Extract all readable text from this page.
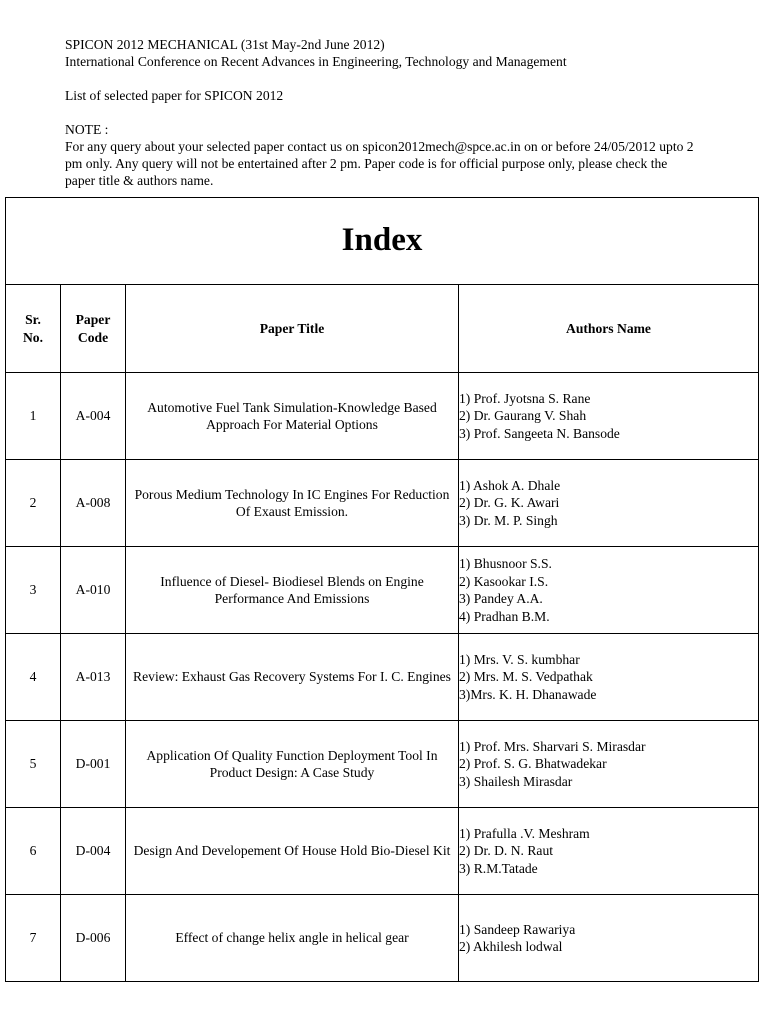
SPICON 2012 MECHANICAL (31st May-2nd June 2012)
International Conference on Recent Advances in Engineering, Technology and Management
List of selected paper for SPICON 2012
NOTE :
For any query about your selected paper contact us on spicon2012mech@spce.ac.in on or before 24/05/2012 upto 2
pm only. Any query will not be entertained after 2 pm. Paper code is for official purpose only, please check the
paper title & authors name.
Index			
Sr.
No.	Paper
Code	Paper Title	Authors Name
1	A-004	Automotive Fuel Tank Simulation-Knowledge Based Approach For Material Options	1) Prof. Jyotsna S. Rane
2) Dr. Gaurang V. Shah
3) Prof. Sangeeta N. Bansode

2	A-008	Porous Medium Technology In IC Engines For Reduction Of Exaust Emission.	1) Ashok A. Dhale
2) Dr. G. K. Awari
3) Dr. M. P. Singh

3	A-010	Influence of Diesel- Biodiesel Blends on Engine Performance And Emissions	1) Bhusnoor S.S.
2) Kasookar I.S.
3) Pandey A.A.
4) Pradhan B.M.

4	A-013	Review: Exhaust Gas Recovery Systems For I. C. Engines	1) Mrs. V. S. kumbhar
2) Mrs. M. S. Vedpathak
3)Mrs. K. H. Dhanawade

5	D-001	Application Of Quality Function Deployment Tool In Product Design: A Case Study	1) Prof. Mrs. Sharvari S. Mirasdar
2) Prof. S. G. Bhatwadekar
3) Shailesh Mirasdar

6	D-004	Design And Developement Of House Hold Bio-Diesel Kit	1) Prafulla .V. Meshram
2) Dr. D. N. Raut
3) R.M.Tatade

7	D-006	Effect of change helix angle in helical gear	1) Sandeep Rawariya
2) Akhilesh lodwal
